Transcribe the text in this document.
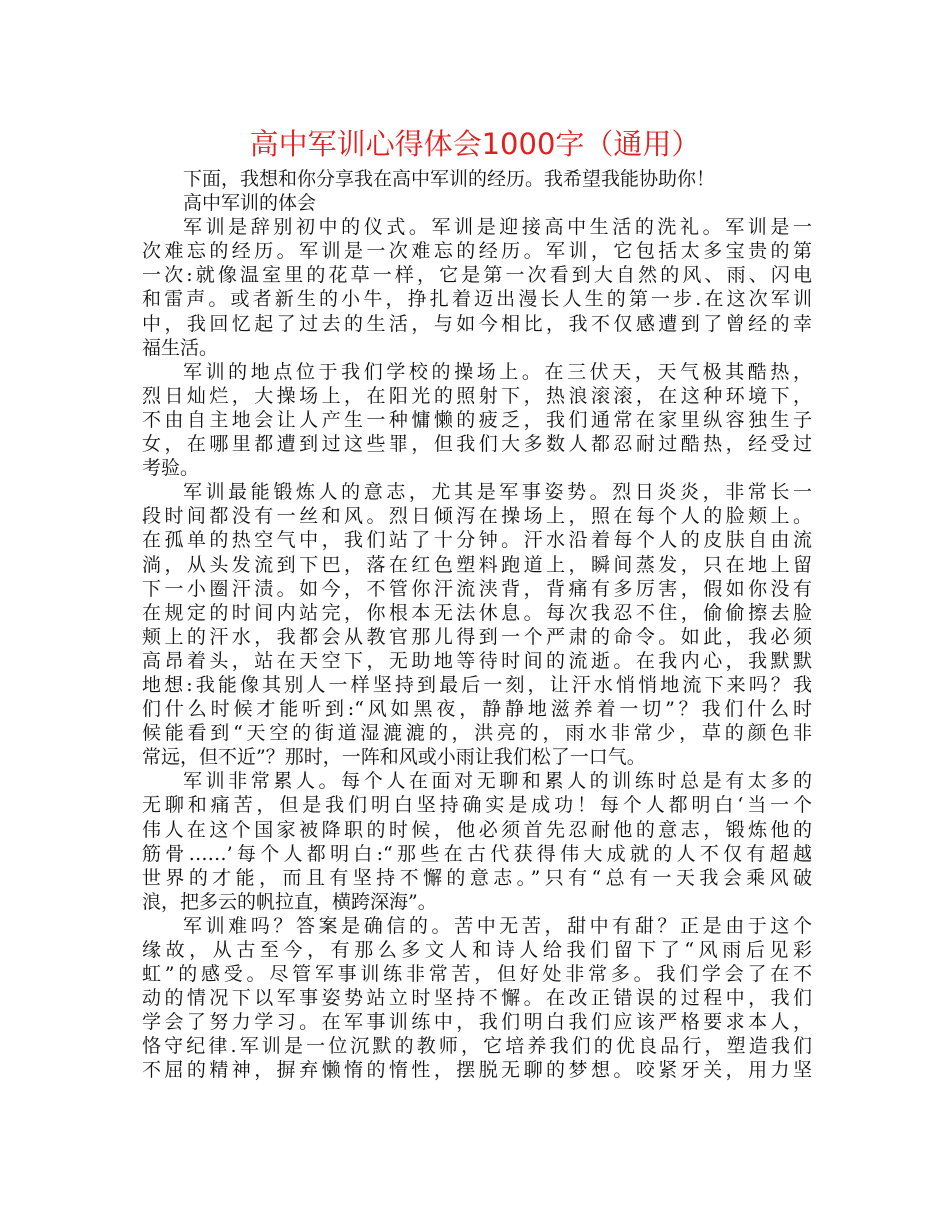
高中军训心得体会1000字（通用）
下面，我想和你分享我在高中军训的经历。我希望我能协助你！
高中军训的体会
军训是辞别初中的仪式。军训是迎接高中生活的洗礼。军训是一
次难忘的经历。军训是一次难忘的经历。军训，它包括太多宝贵的第
一次:就像温室里的花草一样，它是第一次看到大自然的风、雨、闪电
和雷声。或者新生的小牛，挣扎着迈出漫长人生的第一步.在这次军训
中，我回忆起了过去的生活，与如今相比，我不仅感遭到了曾经的幸
福生活。
军训的地点位于我们学校的操场上。在三伏天，天气极其酷热，
烈日灿烂，大操场上，在阳光的照射下，热浪滚滚，在这种环境下，
不由自主地会让人产生一种慵懒的疲乏，我们通常在家里纵容独生子
女，在哪里都遭到过这些罪，但我们大多数人都忍耐过酷热，经受过
考验。
军训最能锻炼人的意志，尤其是军事姿势。烈日炎炎，非常长一
段时间都没有一丝和风。烈日倾泻在操场上，照在每个人的脸颊上。
在孤单的热空气中，我们站了十分钟。汗水沿着每个人的皮肤自由流
淌，从头发流到下巴，落在红色塑料跑道上，瞬间蒸发，只在地上留
下一小圈汗渍。如今，不管你汗流浃背，背痛有多厉害，假如你没有
在规定的时间内站完，你根本无法休息。每次我忍不住，偷偷擦去脸
颊上的汗水，我都会从教官那儿得到一个严肃的命令。如此，我必须
高昂着头，站在天空下，无助地等待时间的流逝。在我内心，我默默
地想:我能像其别人一样坚持到最后一刻，让汗水悄悄地流下来吗？我
们什么时候才能听到:“风如黑夜，静静地滋养着一切”？我们什么时
候能看到“天空的街道湿漉漉的，洪亮的，雨水非常少，草的颜色非
常远，但不近”？那时，一阵和风或小雨让我们松了一口气。
军训非常累人。每个人在面对无聊和累人的训练时总是有太多的
无聊和痛苦，但是我们明白坚持确实是成功！每个人都明白‘当一个
伟人在这个国家被降职的时候，他必须首先忍耐他的意志，锻炼他的
筋骨……’每个人都明白:“那些在古代获得伟大成就的人不仅有超越
世界的才能，而且有坚持不懈的意志。”只有“总有一天我会乘风破
浪，把多云的帆拉直，横跨深海”。
军训难吗？答案是确信的。苦中无苦，甜中有甜？正是由于这个
缘故，从古至今，有那么多文人和诗人给我们留下了“风雨后见彩
虹”的感受。尽管军事训练非常苦，但好处非常多。我们学会了在不
动的情况下以军事姿势站立时坚持不懈。在改正错误的过程中，我们
学会了努力学习。在军事训练中，我们明白我们应该严格要求本人，
恪守纪律.军训是一位沉默的教师，它培养我们的优良品行，塑造我们
不屈的精神，摒弃懒惰的惰性，摆脱无聊的梦想。咬紧牙关，用力坚
